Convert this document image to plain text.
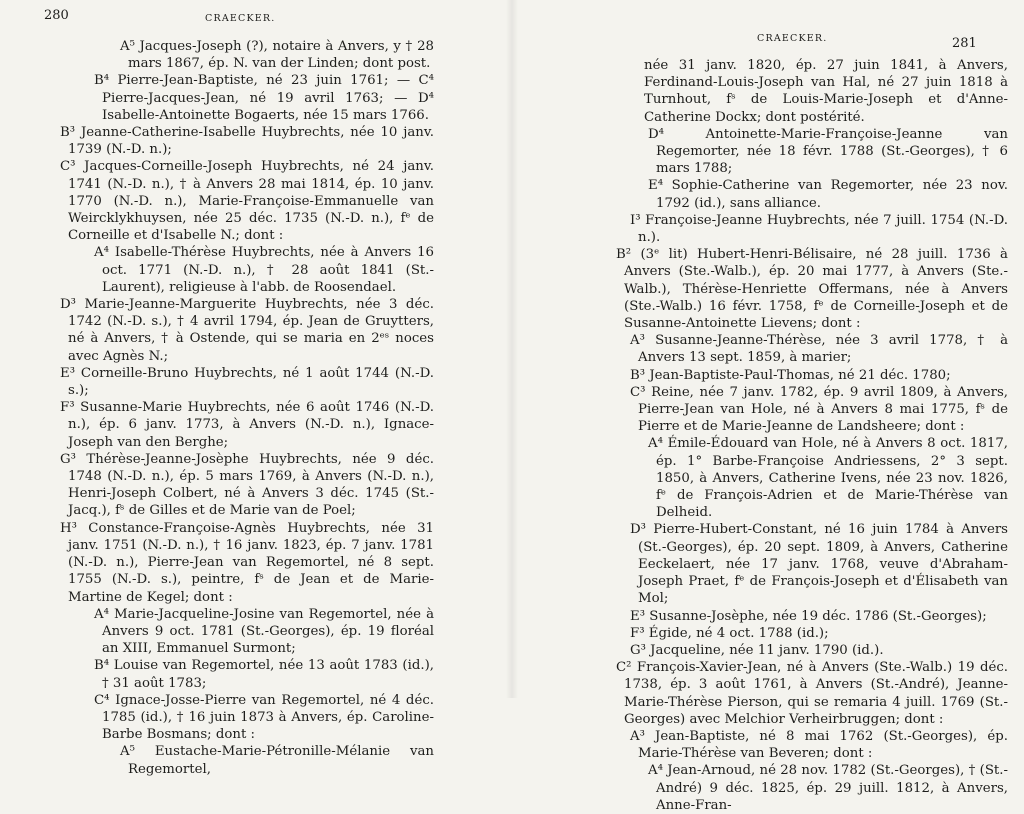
280	CRAECKER.

A⁵ Jacques-Joseph (?), notaire à Anvers, y † 28 mars 1867, ép. N. van der Linden; dont post.

B⁴ Pierre-Jean-Baptiste, né 23 juin 1761; — C⁴ Pierre-Jacques-Jean, né 19 avril 1763; — D⁴ Isabelle-Antoinette Bogaerts, née 15 mars 1766.

B³ Jeanne-Catherine-Isabelle Huybrechts, née 10 janv. 1739 (N.-D. n.);

C³ Jacques-Corneille-Joseph Huybrechts, né 24 janv. 1741 (N.-D. n.), † à Anvers 28 mai 1814, ép. 10 janv. 1770 (N.-D. n.), Marie-Françoise-Emmanuelle van Weircklykhuysen, née 25 déc. 1735 (N.-D. n.), fᵉ de Corneille et d'Isabelle N.; dont :

A⁴ Isabelle-Thérèse Huybrechts, née à Anvers 16 oct. 1771 (N.-D. n.), † 28 août 1841 (St.-Laurent), religieuse à l'abb. de Roosendael.

D³ Marie-Jeanne-Marguerite Huybrechts, née 3 déc. 1742 (N.-D. s.), † 4 avril 1794, ép. Jean de Gruytters, né à Anvers, † à Ostende, qui se maria en 2ᵉˢ noces avec Agnès N.;

E³ Corneille-Bruno Huybrechts, né 1 août 1744 (N.-D. s.);

F³ Susanne-Marie Huybrechts, née 6 août 1746 (N.-D. n.), ép. 6 janv. 1773, à Anvers (N.-D. n.), Ignace-Joseph van den Berghe;

G³ Thérèse-Jeanne-Josèphe Huybrechts, née 9 déc. 1748 (N.-D. n.), ép. 5 mars 1769, à Anvers (N.-D. n.), Henri-Joseph Colbert, né à Anvers 3 déc. 1745 (St.-Jacq.), fˢ de Gilles et de Marie van de Poel;

H³ Constance-Françoise-Agnès Huybrechts, née 31 janv. 1751 (N.-D. n.), † 16 janv. 1823, ép. 7 janv. 1781 (N.-D. n.), Pierre-Jean van Regemortel, né 8 sept. 1755 (N.-D. s.), peintre, fˢ de Jean et de Marie-Martine de Kegel; dont :

A⁴ Marie-Jacqueline-Josine van Regemortel, née à Anvers 9 oct. 1781 (St.-Georges), ép. 19 floréal an XIII, Emmanuel Surmont;

B⁴ Louise van Regemortel, née 13 août 1783 (id.), † 31 août 1783;

C⁴ Ignace-Josse-Pierre van Regemortel, né 4 déc. 1785 (id.), † 16 juin 1873 à Anvers, ép. Caroline-Barbe Bosmans; dont :

A⁵ Eustache-Marie-Pétronille-Mélanie van Regemortel,

CRAECKER.	281

née 31 janv. 1820, ép. 27 juin 1841, à Anvers, Ferdinand-Louis-Joseph van Hal, né 27 juin 1818 à Turnhout, fˢ de Louis-Marie-Joseph et d'Anne-Catherine Dockx; dont postérité.

D⁴ Antoinette-Marie-Françoise-Jeanne van Regemorter, née 18 févr. 1788 (St.-Georges), † 6 mars 1788;

E⁴ Sophie-Catherine van Regemorter, née 23 nov. 1792 (id.), sans alliance.

I³ Françoise-Jeanne Huybrechts, née 7 juill. 1754 (N.-D. n.).

B² (3ᵉ lit) Hubert-Henri-Bélisaire, né 28 juill. 1736 à Anvers (Ste.-Walb.), ép. 20 mai 1777, à Anvers (Ste.-Walb.), Thérèse-Henriette Offermans, née à Anvers (Ste.-Walb.) 16 févr. 1758, fᵉ de Corneille-Joseph et de Susanne-Antoinette Lievens; dont :

A³ Susanne-Jeanne-Thérèse, née 3 avril 1778, † à Anvers 13 sept. 1859, à marier;

B³ Jean-Baptiste-Paul-Thomas, né 21 déc. 1780;

C³ Reine, née 7 janv. 1782, ép. 9 avril 1809, à Anvers, Pierre-Jean van Hole, né à Anvers 8 mai 1775, fˢ de Pierre et de Marie-Jeanne de Landsheere; dont :

A⁴ Émile-Édouard van Hole, né à Anvers 8 oct. 1817, ép. 1° Barbe-Françoise Andriessens, 2° 3 sept. 1850, à Anvers, Catherine Ivens, née 23 nov. 1826, fᵉ de François-Adrien et de Marie-Thérèse van Delheid.

D³ Pierre-Hubert-Constant, né 16 juin 1784 à Anvers (St.-Georges), ép. 20 sept. 1809, à Anvers, Catherine Eeckelaert, née 17 janv. 1768, veuve d'Abraham-Joseph Praet, fᵉ de François-Joseph et d'Élisabeth van Mol;

E³ Susanne-Josèphe, née 19 déc. 1786 (St.-Georges);

F³ Égide, né 4 oct. 1788 (id.);

G³ Jacqueline, née 11 janv. 1790 (id.).

C² François-Xavier-Jean, né à Anvers (Ste.-Walb.) 19 déc. 1738, ép. 3 août 1761, à Anvers (St.-André), Jeanne-Marie-Thérèse Pierson, qui se remaria 4 juill. 1769 (St.-Georges) avec Melchior Verheirbruggen; dont :

A³ Jean-Baptiste, né 8 mai 1762 (St.-Georges), ép. Marie-Thérèse van Beveren; dont :

A⁴ Jean-Arnoud, né 28 nov. 1782 (St.-Georges), † (St.-André) 9 déc. 1825, ép. 29 juill. 1812, à Anvers, Anne-Fran-
